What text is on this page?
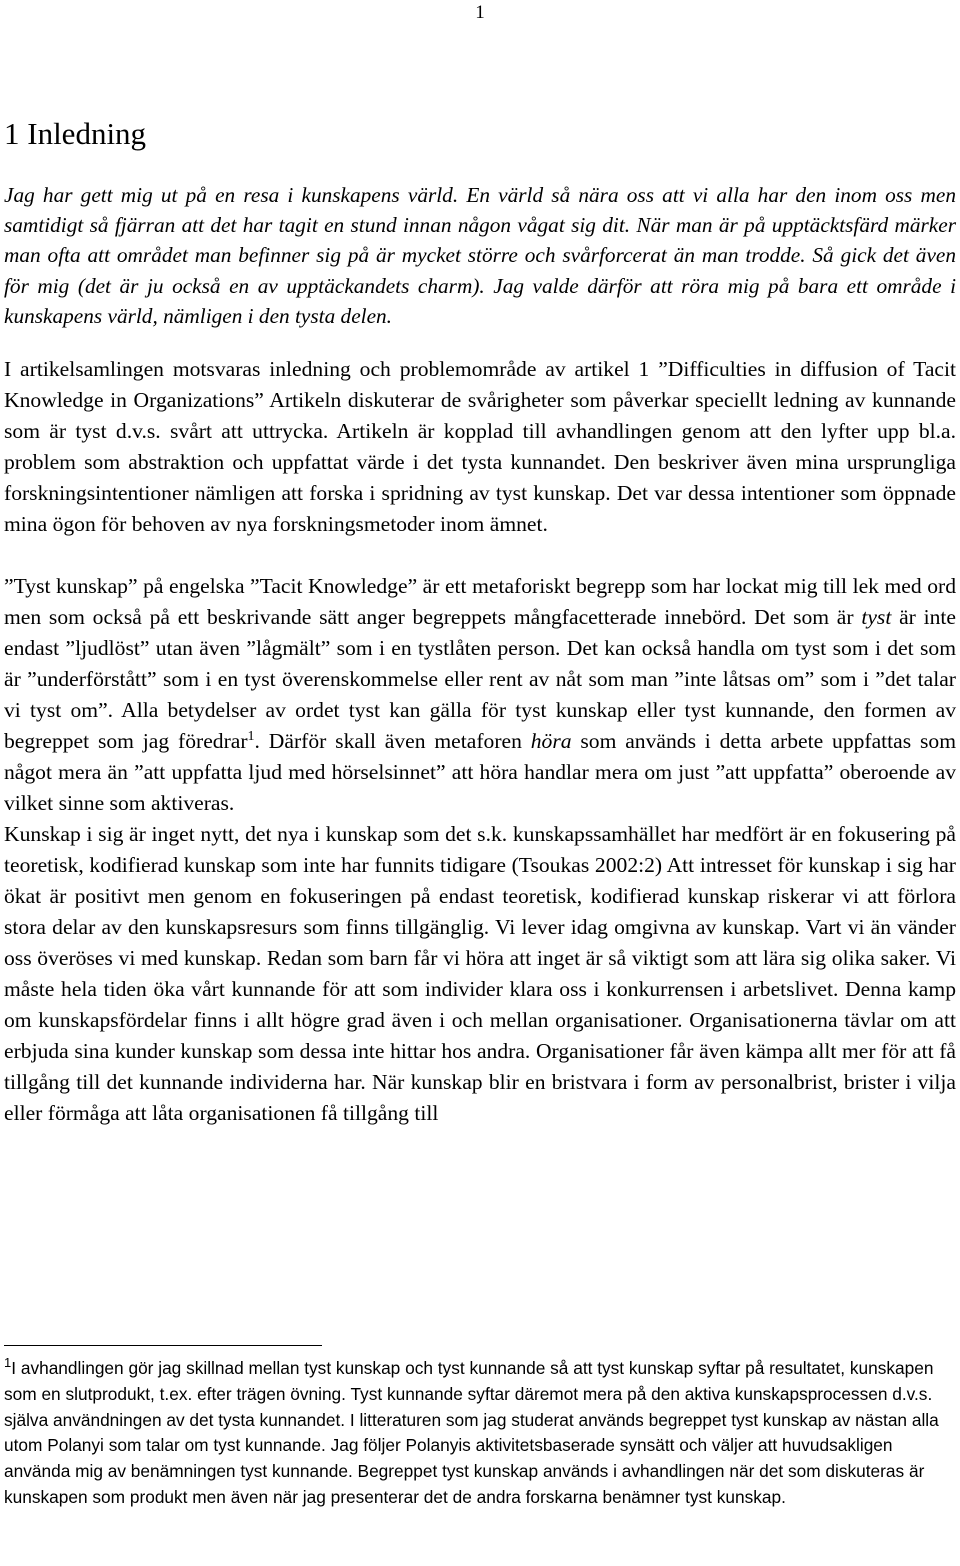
1
1 Inledning

Jag har gett mig ut på en resa i kunskapens värld. En värld så nära oss att vi alla har den inom oss men samtidigt så fjärran att det har tagit en stund innan någon vågat sig dit. När man är på upptäcktsfärd märker man ofta att området man befinner sig på är mycket större och svårforcerat än man trodde. Så gick det även för mig (det är ju också en av upptäckandets charm). Jag valde därför att röra mig på bara ett område i kunskapens värld, nämligen i den tysta delen.

I artikelsamlingen motsvaras inledning och problemområde av artikel 1 ”Difficulties in diffusion of Tacit Knowledge in Organizations” Artikeln diskuterar de svårigheter som påverkar speciellt ledning av kunnande som är tyst d.v.s. svårt att uttrycka. Artikeln är kopplad till avhandlingen genom att den lyfter upp bl.a. problem som abstraktion och uppfattat värde i det tysta kunnandet. Den beskriver även mina ursprungliga forskningsintentioner nämligen att forska i spridning av tyst kunskap. Det var dessa intentioner som öppnade mina ögon för behoven av nya forskningsmetoder inom ämnet.

”Tyst kunskap” på engelska ”Tacit Knowledge” är ett metaforiskt begrepp som har lockat mig till lek med ord men som också på ett beskrivande sätt anger begreppets mångfacetterade innebörd. Det som är tyst är inte endast ”ljudlöst” utan även ”lågmält” som i en tystlåten person. Det kan också handla om tyst som i det som är ”underförstått” som i en tyst överenskommelse eller rent av nåt som man ”inte låtsas om” som i ”det talar vi tyst om”. Alla betydelser av ordet tyst kan gälla för tyst kunskap eller tyst kunnande, den formen av begreppet som jag föredrar$^1$. Därför skall även metaforen höra som används i detta arbete uppfattas som något mera än ”att uppfatta ljud med hörselsinnet” att höra handlar mera om just ”att uppfatta” oberoende av vilket sinne som aktiveras.

Kunskap i sig är inget nytt, det nya i kunskap som det s.k. kunskapssamhället har medfört är en fokusering på teoretisk, kodifierad kunskap som inte har funnits tidigare (Tsoukas 2002:2) Att intresset för kunskap i sig har ökat är positivt men genom en fokuseringen på endast teoretisk, kodifierad kunskap riskerar vi att förlora stora delar av den kunskapsresurs som finns tillgänglig. Vi lever idag omgivna av kunskap. Vart vi än vänder oss överöses vi med kunskap. Redan som barn får vi höra att inget är så viktigt som att lära sig olika saker. Vi måste hela tiden öka vårt kunnande för att som individer klara oss i konkurrensen i arbetslivet. Denna kamp om kunskapsfördelar finns i allt högre grad även i och mellan organisationer. Organisationerna tävlar om att erbjuda sina kunder kunskap som dessa inte hittar hos andra. Organisationer får även kämpa allt mer för att få tillgång till det kunnande individerna har. När kunskap blir en bristvara i form av personalbrist, brister i vilja eller förmåga att låta organisationen få tillgång till

$^1$I avhandlingen gör jag skillnad mellan tyst kunskap och tyst kunnande så att tyst kunskap syftar på resultatet, kunskapen som en slutprodukt, t.ex. efter trägen övning. Tyst kunnande syftar däremot mera på den aktiva kunskapsprocessen d.v.s. själva användningen av det tysta kunnandet. I litteraturen som jag studerat används begreppet tyst kunskap av nästan alla utom Polanyi som talar om tyst kunnande. Jag följer Polanyis aktivitetsbaserade synsätt och väljer att huvudsakligen använda mig av benämningen tyst kunnande. Begreppet tyst kunskap används i avhandlingen när det som diskuteras är kunskapen som produkt men även när jag presenterar det de andra forskarna benämner tyst kunskap.
